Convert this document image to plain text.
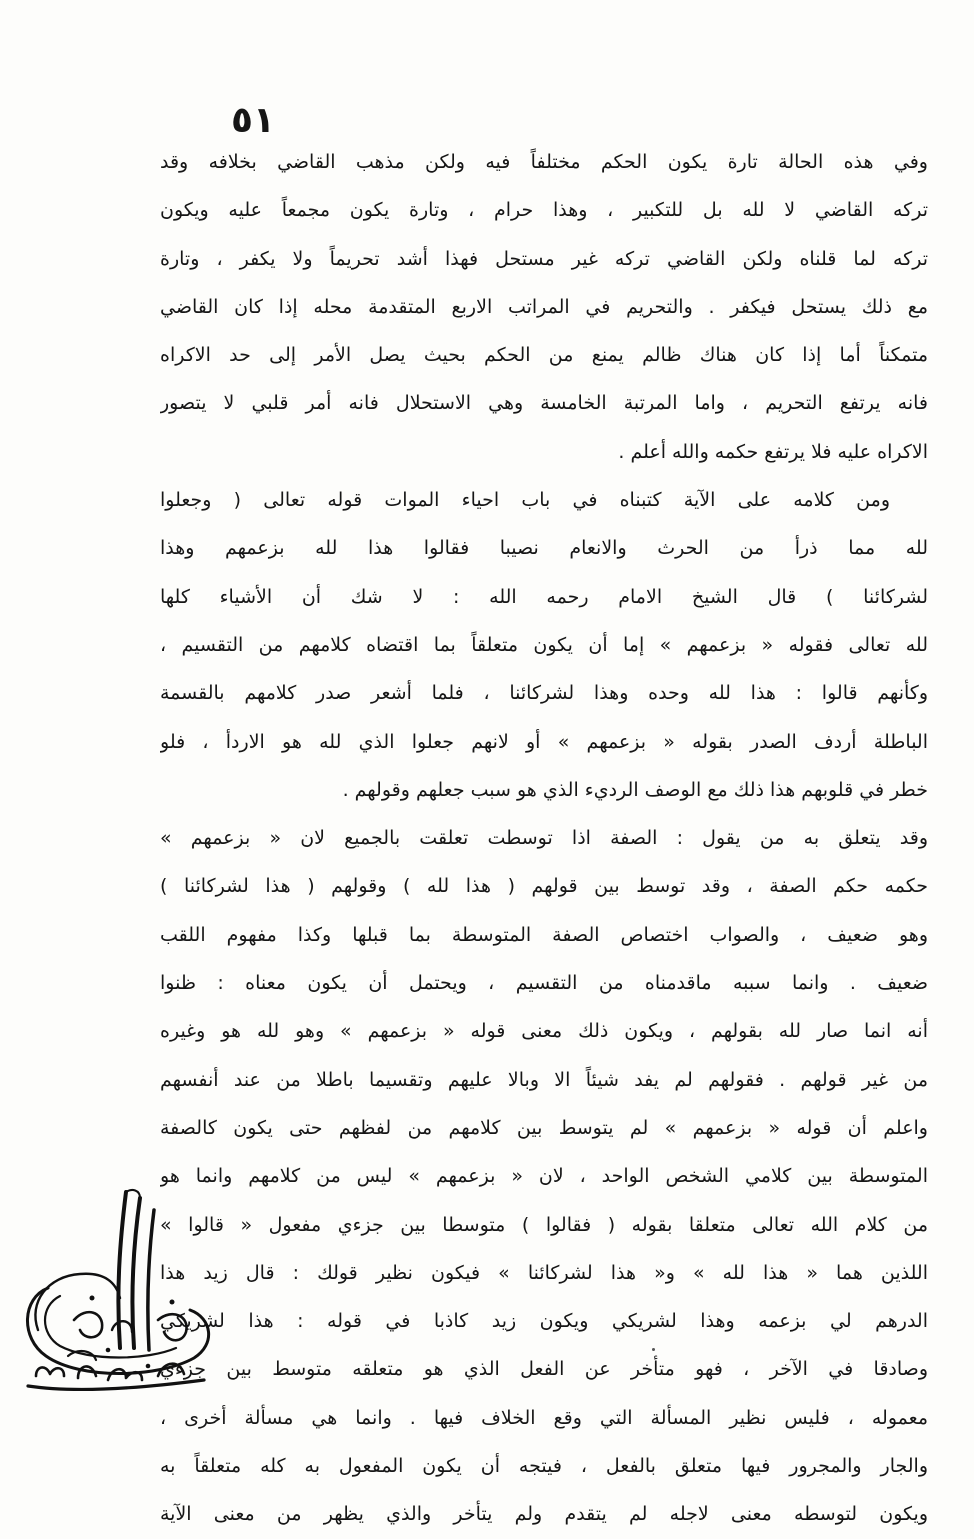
٥١
وفي هذه الحالة تارة يكون الحكم مختلفاً فيه ولكن مذهب القاضي بخلافه وقد
تركه القاضي لا لله بل للتكبير ، وهذا حرام ، وتارة يكون مجمعاً عليه ويكون
تركه لما قلناه ولكن القاضي تركه غير مستحل فهذا أشد تحريماً ولا يكفر ، وتارة
مع ذلك يستحل فيكفر . والتحريم في المراتب الاربع المتقدمة محله إذا كان القاضي
متمكناً أما إذا كان هناك ظالم يمنع من الحكم بحيث يصل الأمر إلى حد الاكراه
فانه يرتفع التحريم ، واما المرتبة الخامسة وهي الاستحلال فانه أمر قلبي لا يتصور
الاكراه عليه فلا يرتفع حكمه والله أعلم .
ومن كلامه على الآية كتبناه في باب احياء الموات قوله تعالى ( وجعلوا
لله مما ذرأ من الحرث والانعام نصيبا فقالوا هذا لله بزعمهم وهذا
لشركائنا ) قال الشيخ الامام رحمه الله : لا شك أن الأشياء كلها
لله تعالى فقوله « بزعمهم » إما أن يكون متعلقاً بما اقتضاه كلامهم من التقسيم ،
وكأنهم قالوا : هذا لله وحده وهذا لشركائنا ، فلما أشعر صدر كلامهم بالقسمة
الباطلة أردف الصدر بقوله « بزعمهم » أو لانهم جعلوا الذي لله هو الاردأ ، فلو
خطر في قلوبهم هذا ذلك مع الوصف الرديء الذي هو سبب جعلهم وقولهم .
وقد يتعلق به من يقول : الصفة اذا توسطت تعلقت بالجميع لان « بزعمهم »
حكمه حكم الصفة ، وقد توسط بين قولهم ( هذا لله ) وقولهم ( هذا لشركائنا )
وهو ضعيف ، والصواب اختصاص الصفة المتوسطة بما قبلها وكذا مفهوم اللقب
ضعيف . وانما سببه ماقدمناه من التقسيم ، ويحتمل أن يكون معناه : ظنوا
أنه انما صار لله بقولهم ، ويكون ذلك معنى قوله « بزعمهم » وهو لله هو وغيره
من غير قولهم . فقولهم لم يفد شيئاً الا وبالا عليهم وتقسيما باطلا من عند أنفسهم
واعلم أن قوله « بزعمهم » لم يتوسط بين كلامهم من لفظهم حتى يكون كالصفة
المتوسطة بين كلامي الشخص الواحد ، لان « بزعمهم » ليس من كلامهم وانما هو
من كلام الله تعالى متعلقا بقوله ( فقالوا ) متوسطا بين جزءي مفعول « قالوا »
اللذين هما « هذا لله » و« هذا لشركائنا » فيكون نظير قولك : قال زيد هذا
الدرهم لي بزعمه وهذا لشريكي ويكون زيد كاذبا في قوله : هذا لشريكي
وصادقا في الآخر ، فهو متأخر عن الفعل الذي هو متعلقه متوسط بين جزءي
معموله ، فليس نظير المسألة التي وقع الخلاف فيها . وانما هي مسألة أخرى ،
والجار والمجرور فيها متعلق بالفعل ، فيتجه أن يكون المفعول به كله متعلقاً به
ويكون لتوسطه معنى لاجله لم يتقدم ولم يتأخر والذي يظهر من معنى الآية
